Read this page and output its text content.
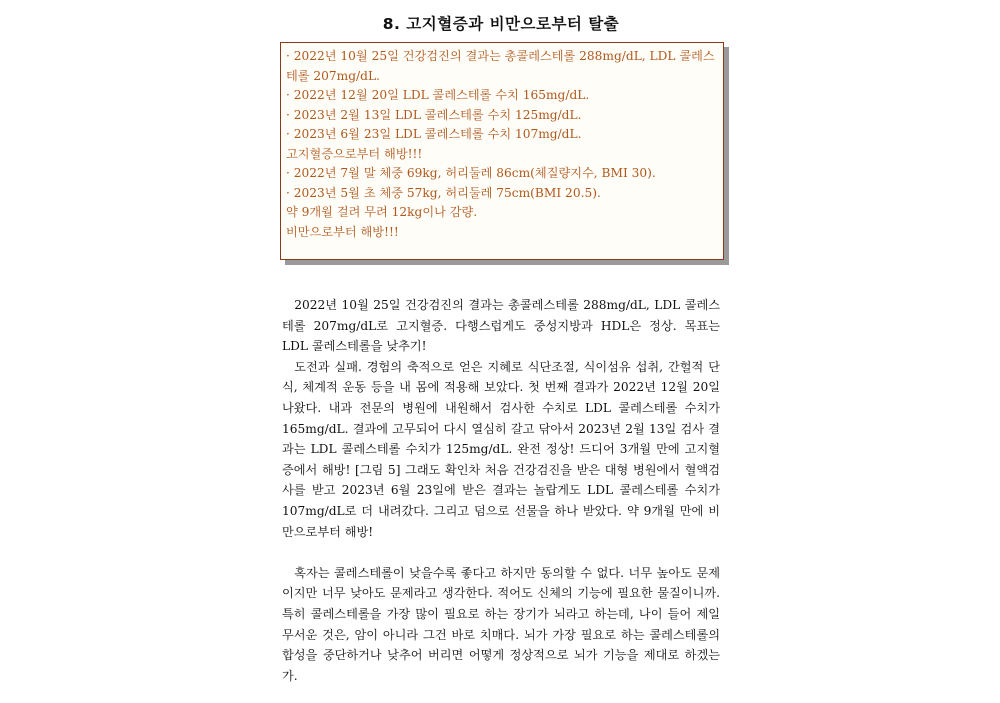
8. 고지혈증과 비만으로부터 탈출

· 2022년 10월 25일 건강검진의 결과는 총콜레스테롤 288mg/dL, LDL 콜레스테롤 207mg/dL.

· 2022년 12월 20일 LDL 콜레스테롤 수치 165mg/dL.

· 2023년 2월 13일 LDL 콜레스테롤 수치 125mg/dL.

· 2023년 6월 23일 LDL 콜레스테롤 수치 107mg/dL.

고지혈증으로부터 해방!!!

· 2022년 7월 말 체중 69kg, 허리둘레 86cm(체질량지수, BMI 30).

· 2023년 5월 초 체중 57kg, 허리둘레 75cm(BMI 20.5).

약 9개월 걸려 무려 12kg이나 감량.

비만으로부터 해방!!!

2022년 10월 25일 건강검진의 결과는 총콜레스테롤 288mg/dL, LDL 콜레스테롤 207mg/dL로 고지혈증. 다행스럽게도 중성지방과 HDL은 정상. 목표는 LDL 콜레스테롤을 낮추기!

도전과 실패. 경험의 축적으로 얻은 지혜로 식단조절, 식이섬유 섭취, 간헐적 단식, 체계적 운동 등을 내 몸에 적용해 보았다. 첫 번째 결과가 2022년 12월 20일 나왔다. 내과 전문의 병원에 내원해서 검사한 수치로 LDL 콜레스테롤 수치가 165mg/dL. 결과에 고무되어 다시 열심히 갈고 닦아서 2023년 2월 13일 검사 결과는 LDL 콜레스테롤 수치가 125mg/dL. 완전 정상! 드디어 3개월 만에 고지혈증에서 해방! [그림 5] 그래도 확인차 처음 건강검진을 받은 대형 병원에서 혈액검사를 받고 2023년 6월 23일에 받은 결과는 놀랍게도 LDL 콜레스테롤 수치가 107mg/dL로 더 내려갔다. 그리고 덤으로 선물을 하나 받았다. 약 9개월 만에 비만으로부터 해방!

혹자는 콜레스테롤이 낮을수록 좋다고 하지만 동의할 수 없다. 너무 높아도 문제이지만 너무 낮아도 문제라고 생각한다. 적어도 신체의 기능에 필요한 물질이니까. 특히 콜레스테롤을 가장 많이 필요로 하는 장기가 뇌라고 하는데, 나이 들어 제일 무서운 것은, 암이 아니라 그건 바로 치매다. 뇌가 가장 필요로 하는 콜레스테롤의 합성을 중단하거나 낮추어 버리면 어떻게 정상적으로 뇌가 기능을 제대로 하겠는가.
